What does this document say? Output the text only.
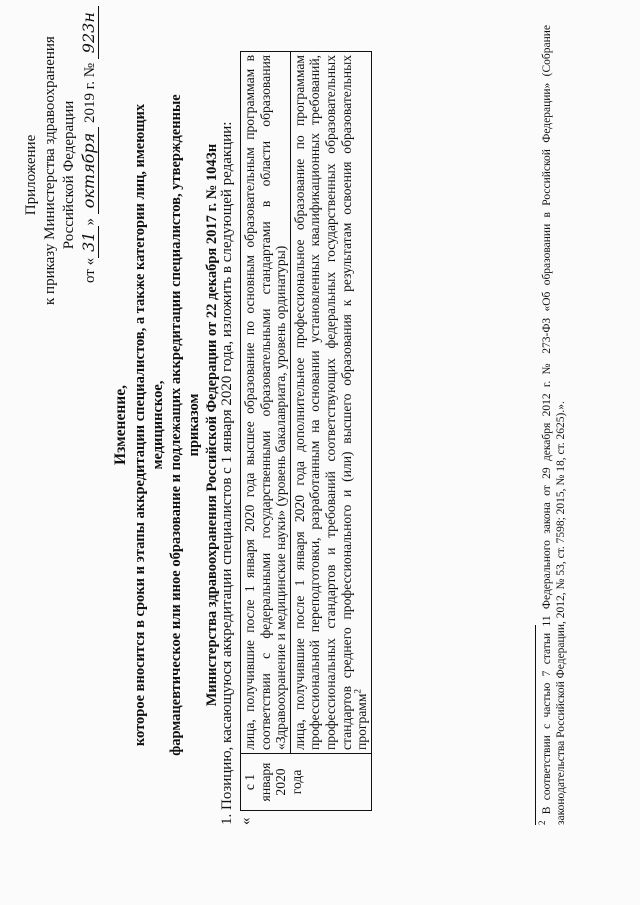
Приложение к приказу Министерства здравоохранения Российской Федерации
от «31» октября 2019 г. № 923н
Изменение, которое вносится в сроки и этапы аккредитации специалистов, а также категории лиц, имеющих медицинское, фармацевтическое или иное образование и подлежащих аккредитации специалистов, утвержденные приказом Министерства здравоохранения Российской Федерации от 22 декабря 2017 г. № 1043н 1. Позицию, касающуюся аккредитации специалистов с 1 января 2020 года, изложить в следующей редакции: «
с 1 января 2020 года	лица, получившие после 1 января 2020 года высшее образование по основным образовательным программам в соответствии с федеральными государственными образовательными стандартами в области образования «Здравоохранение и медицинские науки» (уровень бакалавриата, уровень ординатуры)
лица, получившие после 1 января 2020 года дополнительное профессиональное образование по программам профессиональной переподготовки, разработанным на основании установленных квалификационных требований, профессиональных стандартов и требований соответствующих федеральных государственных образовательных стандартов среднего профессионального и (или) высшего образования к результатам освоения образовательных программ$^2$
$^2$ В соответствии с частью 7 статьи 11 Федерального закона от 29 декабря 2012 г. № 273-ФЗ «Об образовании в Российской Федерации» (Собрание законодательства Российской Федерации, 2012, № 53, ст. 7598; 2015, № 18, ст. 2625).».
